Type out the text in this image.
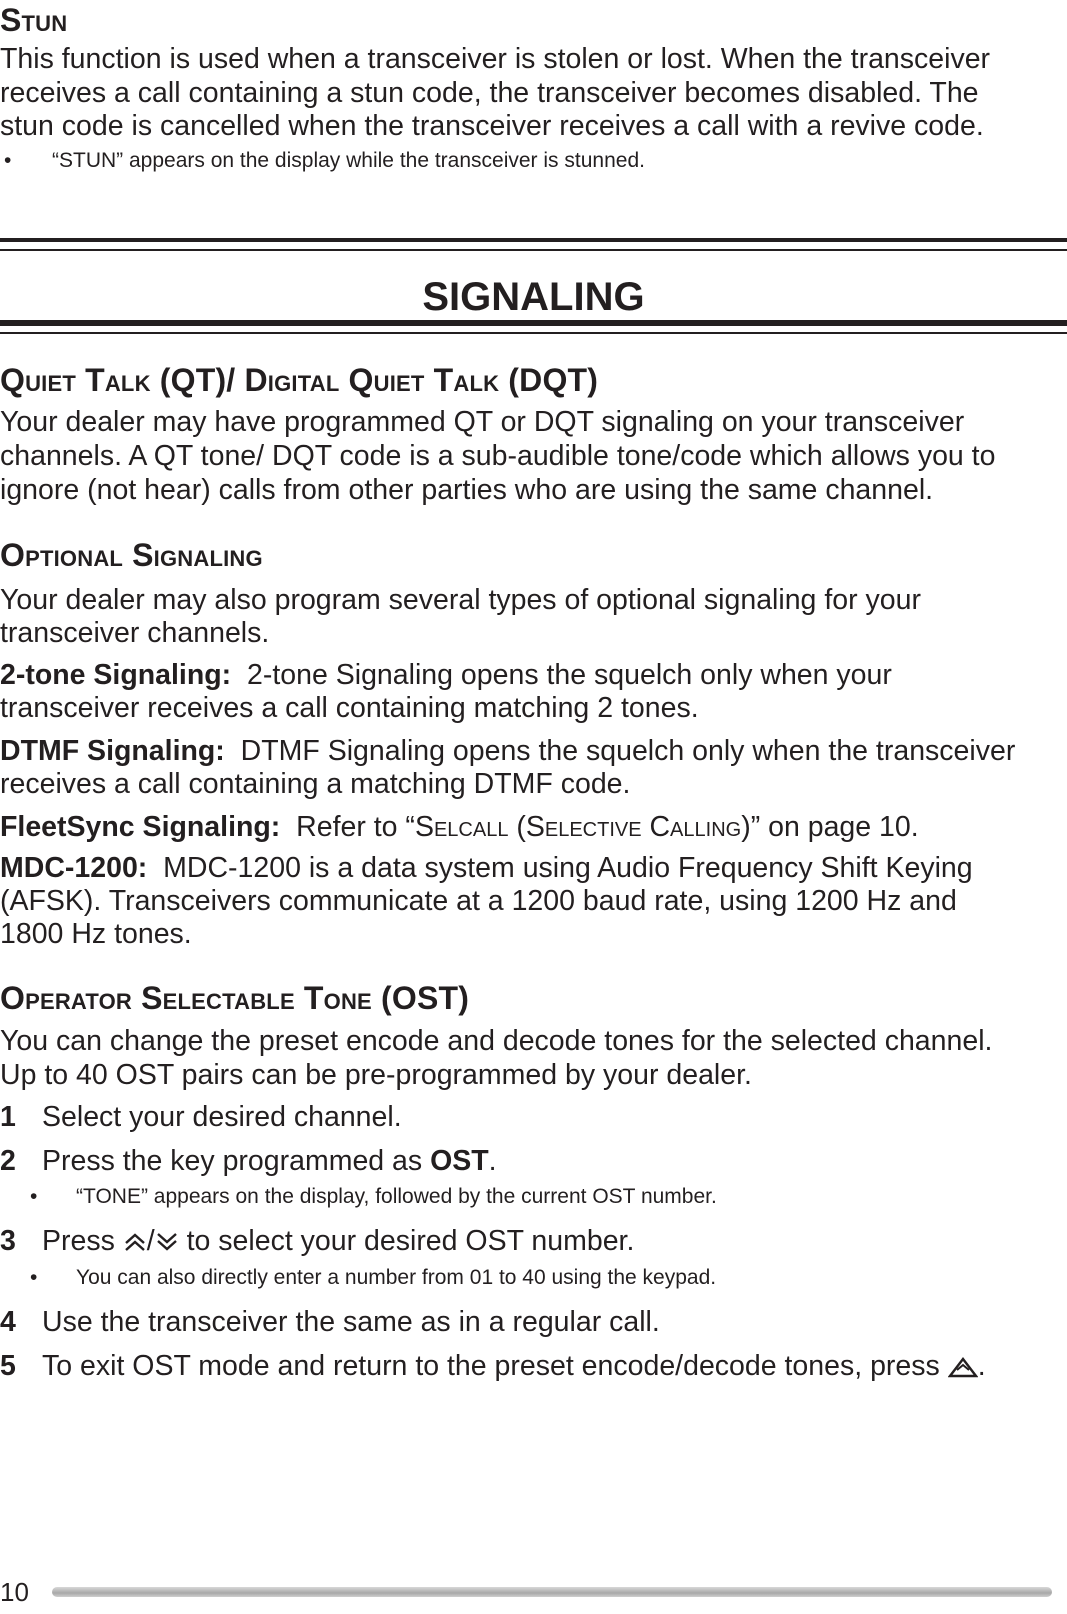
Stun

This function is used when a transceiver is stolen or lost. When the transceiver

receives a call containing a stun code, the transceiver becomes disabled. The

stun code is cancelled when the transceiver receives a call with a revive code.

• “STUN” appears on the display while the transceiver is stunned.

SIGNALING
Quiet Talk (QT)/ Digital Quiet Talk (DQT)

Your dealer may have programmed QT or DQT signaling on your transceiver

channels. A QT tone/ DQT code is a sub-audible tone/code which allows you to

ignore (not hear) calls from other parties who are using the same channel.

Optional Signaling

Your dealer may also program several types of optional signaling for your

transceiver channels.

2-tone Signaling: 2-tone Signaling opens the squelch only when your

transceiver receives a call containing matching 2 tones.

DTMF Signaling: DTMF Signaling opens the squelch only when the transceiver

receives a call containing a matching DTMF code.

FleetSync Signaling: Refer to “Selcall (Selective Calling)” on page 10.

MDC-1200: MDC-1200 is a data system using Audio Frequency Shift Keying

(AFSK). Transceivers communicate at a 1200 baud rate, using 1200 Hz and

1800 Hz tones.

Operator Selectable Tone (OST)

You can change the preset encode and decode tones for the selected channel.

Up to 40 OST pairs can be pre-programmed by your dealer.

1 Select your desired channel.

2 Press the key programmed as OST.

• “TONE” appears on the display, followed by the current OST number.

3 Press / to select your desired OST number.

• You can also directly enter a number from 01 to 40 using the keypad.

4 Use the transceiver the same as in a regular call.

5 To exit OST mode and return to the preset encode/decode tones, press .

10
